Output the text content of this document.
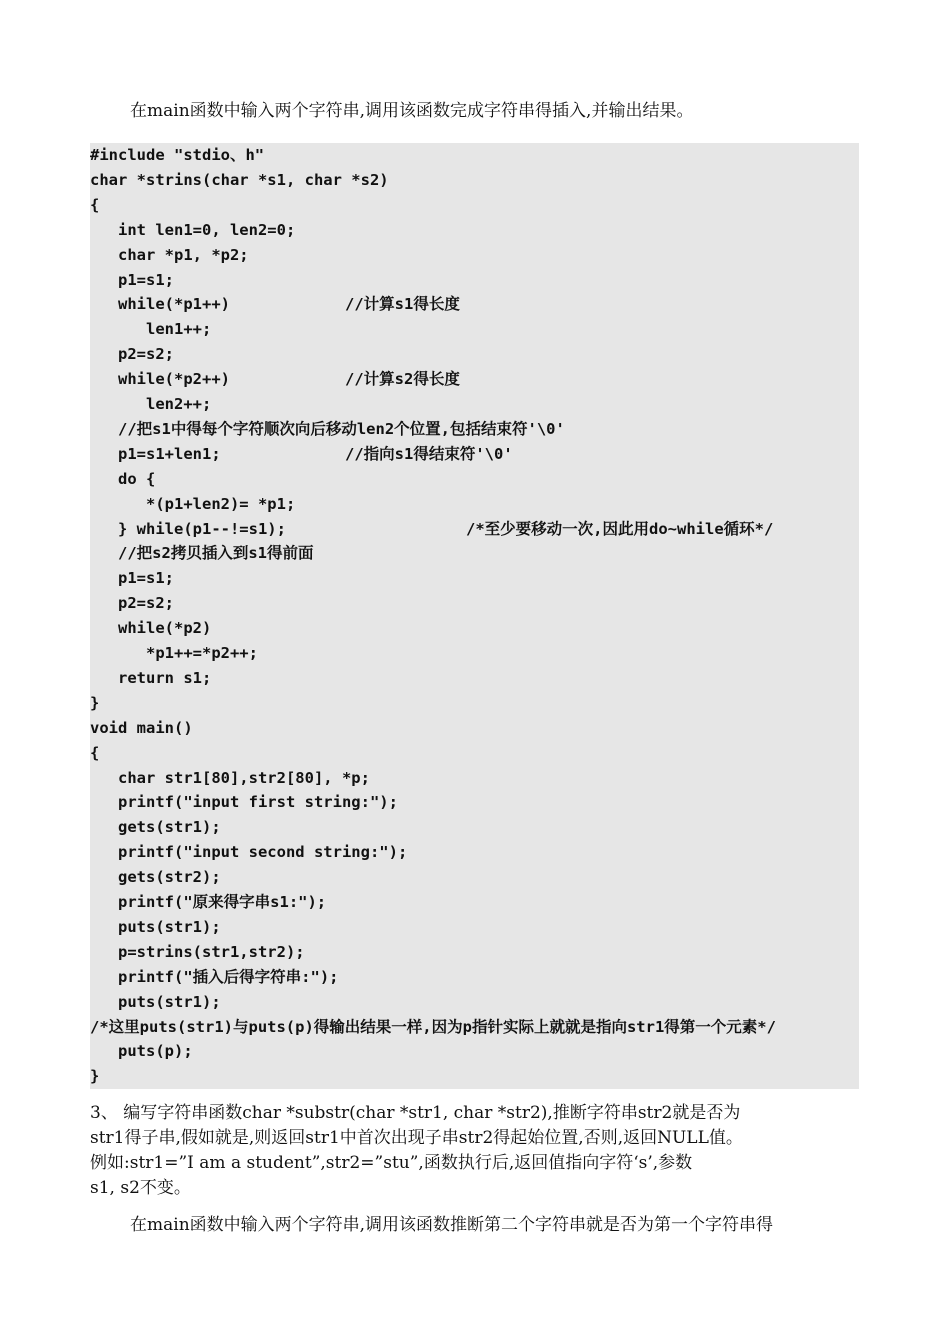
在main函数中输入两个字符串,调用该函数完成字符串得插入,并输出结果。
#include "stdio、h"
char *strins(char *s1, char *s2)
{
int len1=0, len2=0;
char *p1, *p2;
p1=s1;
while(*p1++)	//计算s1得长度
len1++;
p2=s2;
while(*p2++)	//计算s2得长度
len2++;
//把s1中得每个字符顺次向后移动len2个位置,包括结束符'\0'
p1=s1+len1;	//指向s1得结束符'\0'
do {
*(p1+len2)= *p1;
} while(p1--!=s1);	/*至少要移动一次,因此用do~while循环*/
//把s2拷贝插入到s1得前面
p1=s1;
p2=s2;
while(*p2)
*p1++=*p2++;
return s1;
}
void main()
{
char str1[80],str2[80], *p;
printf("input first string:");
gets(str1);
printf("input second string:");
gets(str2);
printf("原来得字串s1:");
puts(str1);
p=strins(str1,str2);
printf("插入后得字符串:");
puts(str1);
/*这里puts(str1)与puts(p)得输出结果一样,因为p指针实际上就就是指向str1得第一个元素*/
puts(p);
}
3、 编写字符串函数char *substr(char *str1, char *str2),推断字符串str2就是否为
str1得子串,假如就是,则返回str1中首次出现子串str2得起始位置,否则,返回NULL值。
例如:str1=”I am a student”,str2=”stu”,函数执行后,返回值指向字符‘s’,参数
s1, s2不变。
在main函数中输入两个字符串,调用该函数推断第二个字符串就是否为第一个字符串得
